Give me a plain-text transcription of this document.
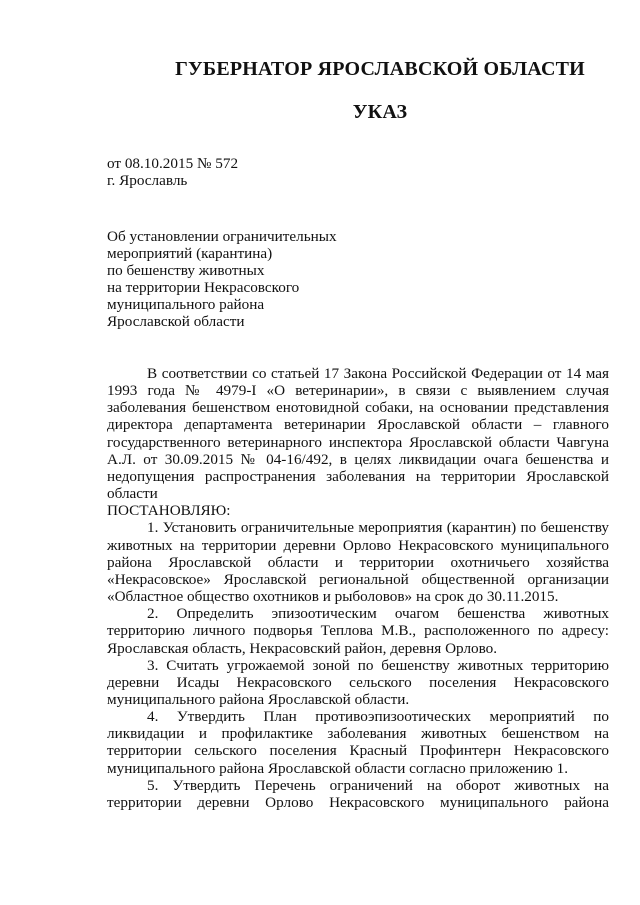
ГУБЕРНАТОР ЯРОСЛАВСКОЙ ОБЛАСТИ
УКАЗ
от 08.10.2015 № 572
г. Ярославль
Об установлении ограничительных
мероприятий (карантина)
по бешенству животных
на территории Некрасовского
муниципального района
Ярославской области

В соответствии со статьей 17 Закона Российской Федерации от 14 мая 1993 года № 4979-I «О ветеринарии», в связи с выявлением случая заболевания бешенством енотовидной собаки, на основании представления директора департамента ветеринарии Ярославской области – главного государственного ветеринарного инспектора Ярославской области Чавгуна А.Л. от 30.09.2015 № 04-16/492, в целях ликвидации очага бешенства и недопущения распространения заболевания на территории Ярославской области

ПОСТАНОВЛЯЮ:

1. Установить ограничительные мероприятия (карантин) по бешенству животных на территории деревни Орлово Некрасовского муниципального района Ярославской области и территории охотничьего хозяйства «Некрасовское» Ярославской региональной общественной организации «Областное общество охотников и рыболовов» на срок до 30.11.2015.

2. Определить эпизоотическим очагом бешенства животных территорию личного подворья Теплова М.В., расположенного по адресу: Ярославская область, Некрасовский район, деревня Орлово.

3. Считать угрожаемой зоной по бешенству животных территорию деревни Исады Некрасовского сельского поселения Некрасовского муниципального района Ярославской области.

4. Утвердить План противоэпизоотических мероприятий по ликвидации и профилактике заболевания животных бешенством на территории сельского поселения Красный Профинтерн Некрасовского муниципального района Ярославской области согласно приложению 1.

5. Утвердить Перечень ограничений на оборот животных на территории деревни Орлово Некрасовского муниципального района
